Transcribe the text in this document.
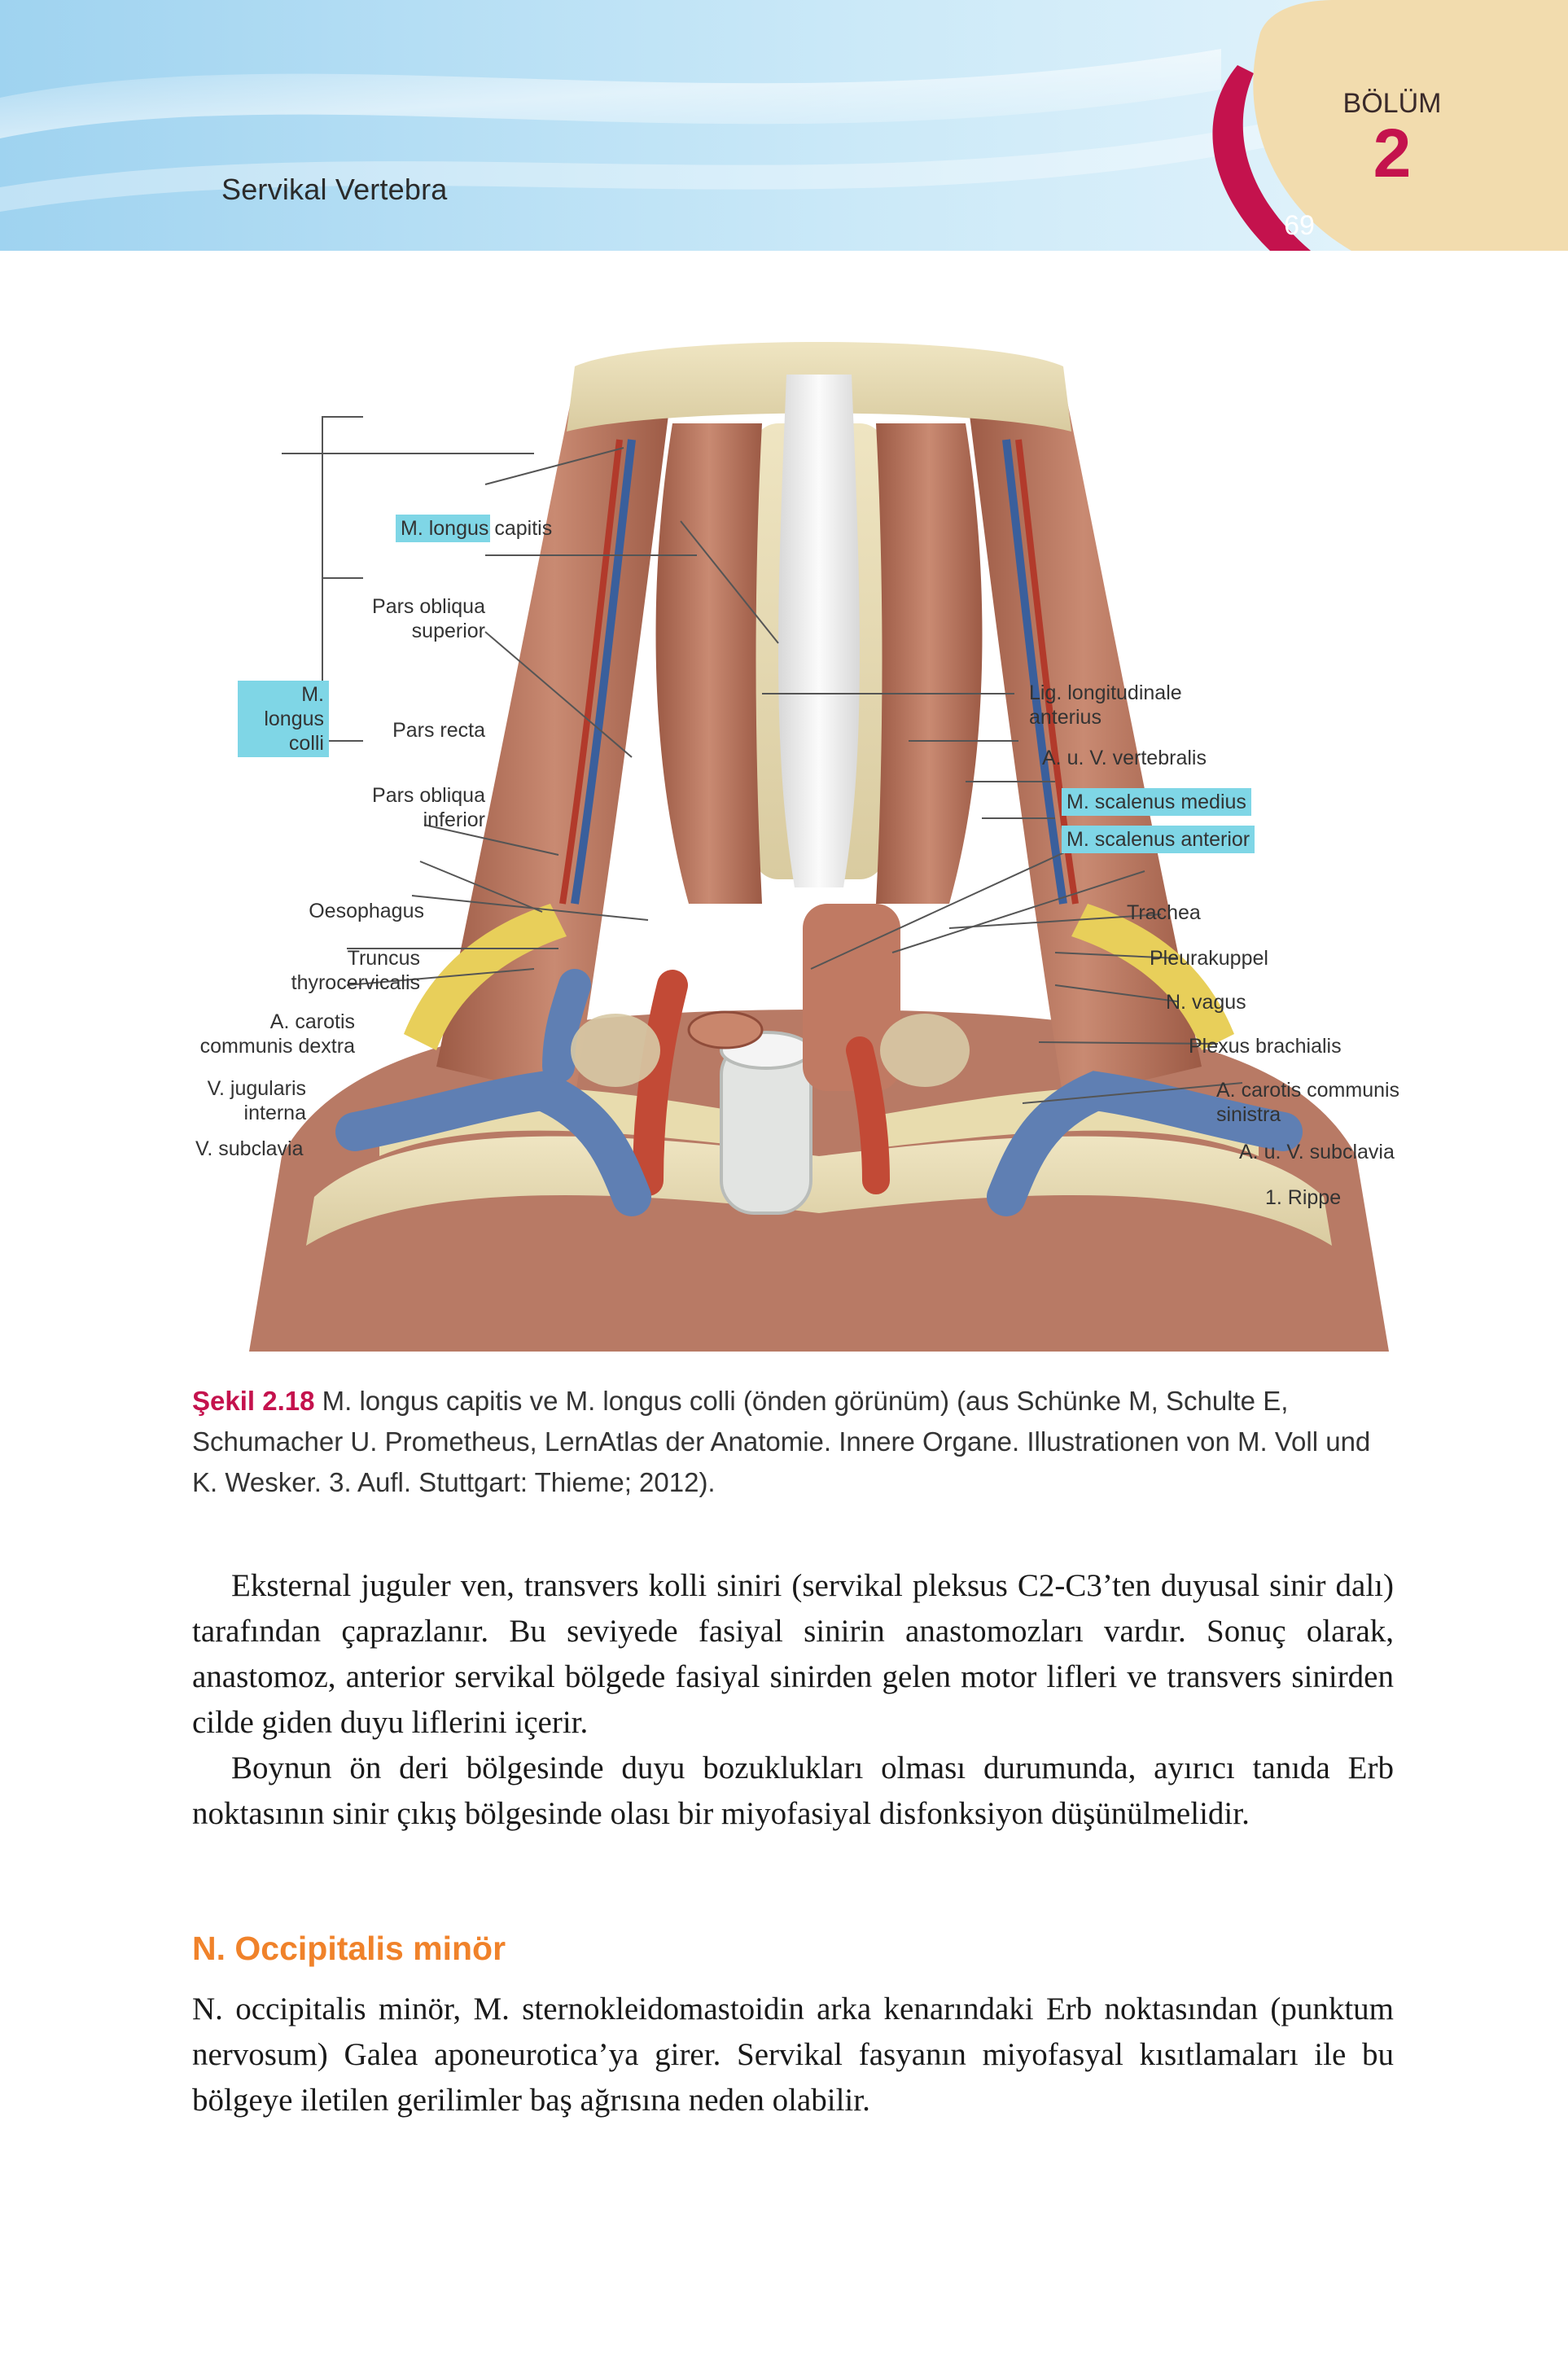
Servikal Vertebra
BÖLÜM
2
69
M. longus capitis
Pars obliqua superior
M. longus colli
Pars recta
Pars obliqua inferior
Oesophagus
Truncus thyrocervicalis
A. carotis communis dextra
V. jugularis interna
V. subclavia
Lig. longitudinale anterius
A. u. V. vertebralis
M. scalenus medius
M. scalenus anterior
Trachea
Pleurakuppel
N. vagus
Plexus brachialis
A. carotis communis sinistra
A. u. V. subclavia
1. Rippe
Şekil 2.18 M. longus capitis ve M. longus colli (önden görünüm) (aus Schünke M, Schulte E, Schumacher U. Prometheus, LernAtlas der Anatomie. Innere Organe. Illustrationen von M. Voll und K. Wesker. 3. Aufl. Stuttgart: Thieme; 2012).

Eksternal juguler ven, transvers kolli siniri (servikal pleksus C2-C3’ten duyusal sinir dalı) tarafından çaprazlanır. Bu seviyede fasiyal sinirin anastomozları vardır. Sonuç olarak, anastomoz, anterior servikal bölgede fasiyal sinirden gelen motor lifleri ve transvers sinirden cilde giden duyu liflerini içerir.

Boynun ön deri bölgesinde duyu bozuklukları olması durumunda, ayırıcı tanıda Erb noktasının sinir çıkış bölgesinde olası bir miyofasiyal disfonksiyon düşünülmelidir.

N. Occipitalis minör

N. occipitalis minör, M. sternokleidomastoidin arka kenarındaki Erb noktasından (punktum nervosum) Galea aponeurotica’ya girer. Servikal fasyanın miyofasyal kısıtlamaları ile bu bölgeye iletilen gerilimler baş ağrısına neden olabilir.
